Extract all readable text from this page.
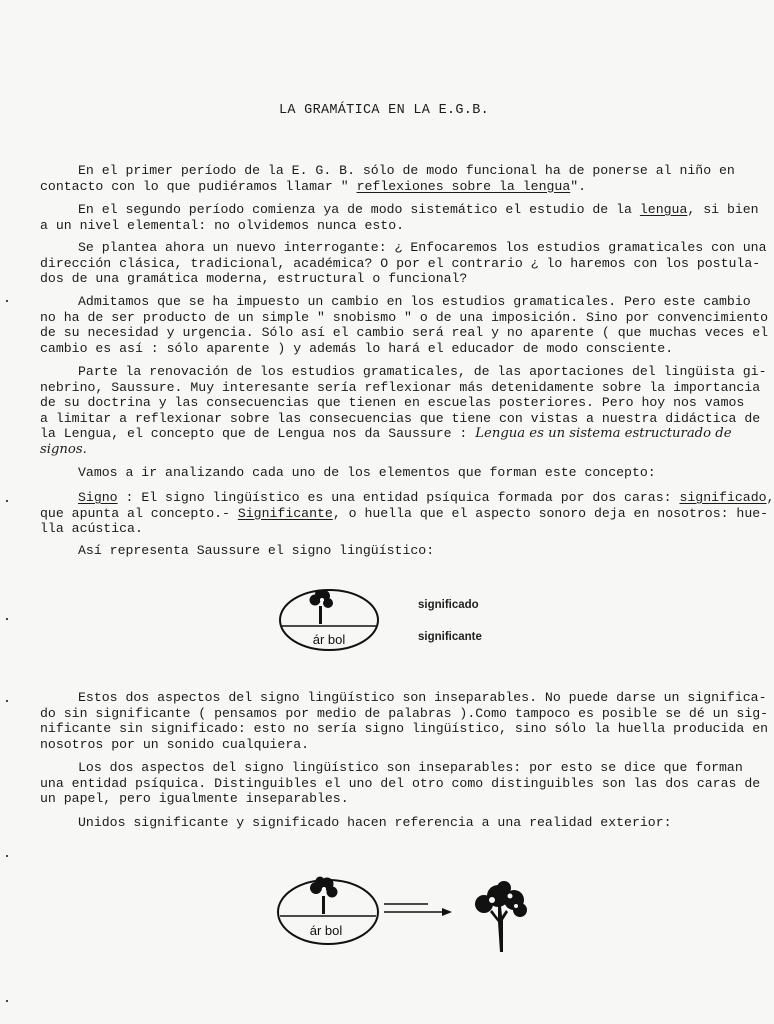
LA GRAMÁTICA EN LA E.G.B.
En el primer período de la E. G. B. sólo de modo funcional ha de ponerse al niño en
contacto con lo que pudiéramos llamar " reflexiones sobre la lengua".
En el segundo período comienza ya de modo sistemático el estudio de la lengua, si bien
a un nivel elemental: no olvidemos nunca esto.
Se plantea ahora un nuevo interrogante: ¿ Enfocaremos los estudios gramaticales con una
dirección clásica, tradicional, académica? O por el contrario ¿ lo haremos con los postula-
dos de una gramática moderna, estructural o funcional?
Admitamos que se ha impuesto un cambio en los estudios gramaticales. Pero este cambio
no ha de ser producto de un simple " snobismo " o de una imposición. Sino por convencimiento
de su necesidad y urgencia. Sólo así el cambio será real y no aparente ( que muchas veces el
cambio es así : sólo aparente ) y además lo hará el educador de modo consciente.
Parte la renovación de los estudios gramaticales, de las aportaciones del lingüista gi-
nebrino, Saussure. Muy interesante sería reflexionar más detenidamente sobre la importancia
de su doctrina y las consecuencias que tienen en escuelas posteriores. Pero hoy nos vamos
a limitar a reflexionar sobre las consecuencias que tiene con vistas a nuestra didáctica de
la Lengua, el concepto que de Lengua nos da Saussure : Lengua es un sistema estructurado de
signos.
Vamos a ir analizando cada uno de los elementos que forman este concepto:
Signo : El signo lingüístico es una entidad psíquica formada por dos caras: significado,
que apunta al concepto.- Significante, o huella que el aspecto sonoro deja en nosotros: hue-
lla acústica.
Así representa Saussure el signo lingüístico:
ár bol
significado
significante
Estos dos aspectos del signo lingüístico son inseparables. No puede darse un significa-
do sin significante ( pensamos por medio de palabras ).Como tampoco es posible se dé un sig-
nificante sin significado: esto no sería signo lingüístico, sino sólo la huella producida en
nosotros por un sonido cualquiera.
Los dos aspectos del signo lingüístico son inseparables: por esto se dice que forman
una entidad psíquica. Distinguibles el uno del otro como distinguibles son las dos caras de
un papel, pero igualmente inseparables.
Unidos significante y significado hacen referencia a una realidad exterior:
ár bol
